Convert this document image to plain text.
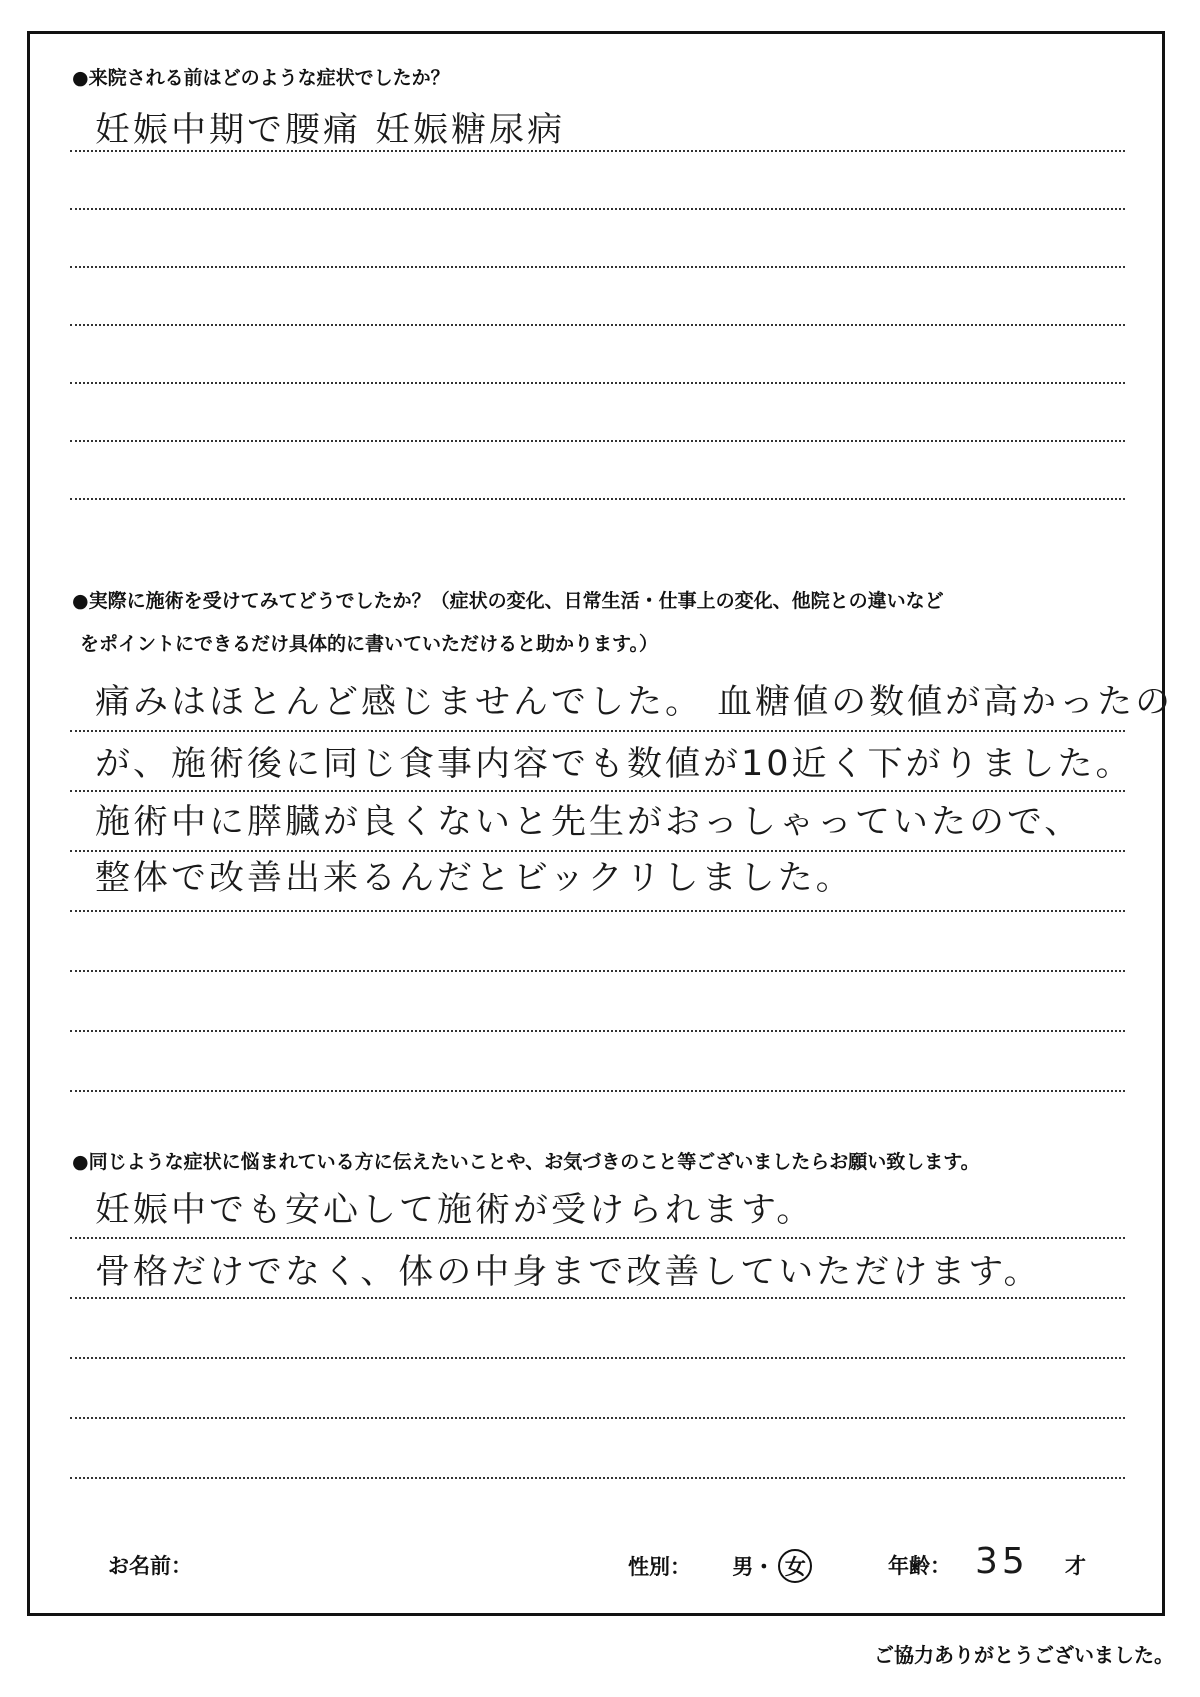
●来院される前はどのような症状でしたか？
妊娠中期で腰痛 妊娠糖尿病
●実際に施術を受けてみてどうでしたか？（症状の変化、日常生活・仕事上の変化、他院との違いなど
をポイントにできるだけ具体的に書いていただけると助かります。）
痛みはほとんど感じませんでした。 血糖値の数値が高かったの
が、施術後に同じ食事内容でも数値が10近く下がりました。
施術中に膵臓が良くないと先生がおっしゃっていたので、
整体で改善出来るんだとビックリしました。
●同じような症状に悩まれている方に伝えたいことや、お気づきのこと等ございましたらお願い致します。
妊娠中でも安心して施術が受けられます。
骨格だけでなく、体の中身まで改善していただけます。
お名前：	性別： 男・ 女	年齢： 35 才
ご協力ありがとうございました。
